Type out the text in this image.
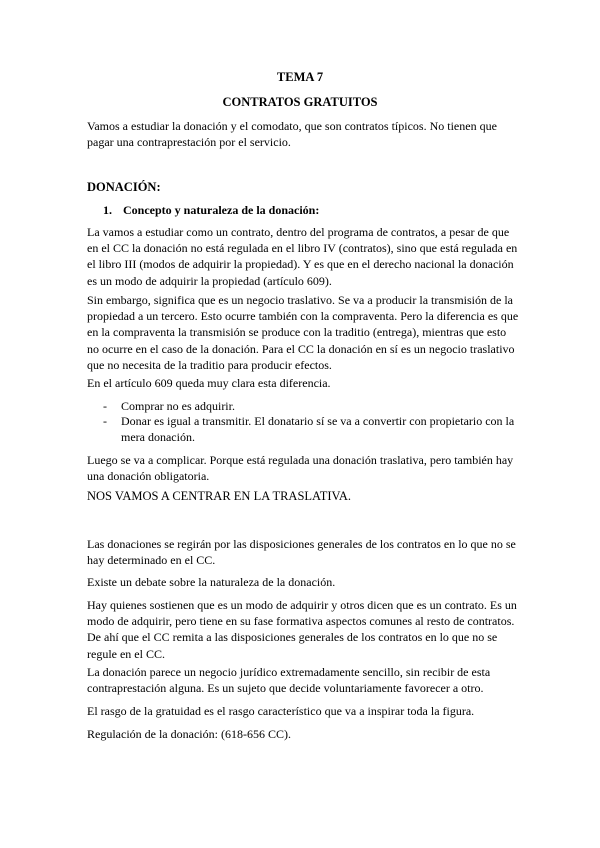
TEMA 7
CONTRATOS GRATUITOS

Vamos a estudiar la donación y el comodato, que son contratos típicos. No tienen que pagar una contraprestación por el servicio.

DONACIÓN:

1. Concepto y naturaleza de la donación:

La vamos a estudiar como un contrato, dentro del programa de contratos, a pesar de que en el CC la donación no está regulada en el libro IV (contratos), sino que está regulada en el libro III (modos de adquirir la propiedad). Y es que en el derecho nacional la donación es un modo de adquirir la propiedad (artículo 609).

Sin embargo, significa que es un negocio traslativo. Se va a producir la transmisión de la propiedad a un tercero. Esto ocurre también con la compraventa. Pero la diferencia es que en la compraventa la transmisión se produce con la traditio (entrega), mientras que esto no ocurre en el caso de la donación. Para el CC la donación en sí es un negocio traslativo que no necesita de la traditio para producir efectos.

En el artículo 609 queda muy clara esta diferencia.

- Comprar no es adquirir.
- Donar es igual a transmitir. El donatario sí se va a convertir con propietario con la mera donación.

Luego se va a complicar. Porque está regulada una donación traslativa, pero también hay una donación obligatoria.

NOS VAMOS A CENTRAR EN LA TRASLATIVA.

Las donaciones se regirán por las disposiciones generales de los contratos en lo que no se hay determinado en el CC.

Existe un debate sobre la naturaleza de la donación.

Hay quienes sostienen que es un modo de adquirir y otros dicen que es un contrato. Es un modo de adquirir, pero tiene en su fase formativa aspectos comunes al resto de contratos. De ahí que el CC remita a las disposiciones generales de los contratos en lo que no se regule en el CC.

La donación parece un negocio jurídico extremadamente sencillo, sin recibir de esta contraprestación alguna. Es un sujeto que decide voluntariamente favorecer a otro.

El rasgo de la gratuidad es el rasgo característico que va a inspirar toda la figura.

Regulación de la donación: (618-656 CC).
